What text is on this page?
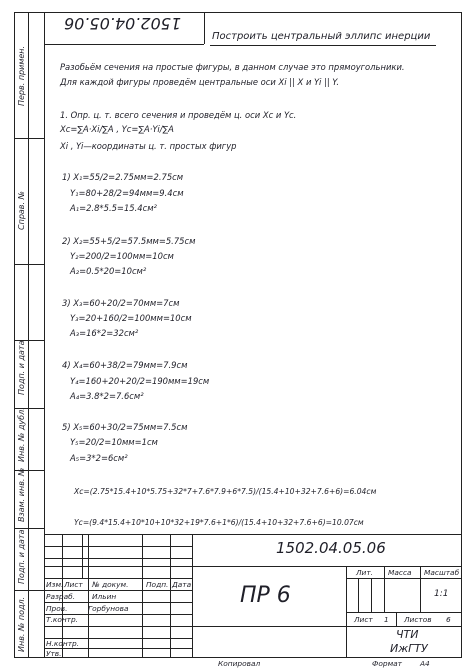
Перв. примен.
Справ. №
Подп. и дата
Инв. № дубл.
Взам. инв. №
Подп. и дата
Инв. № подл.
1502.04.05.06
Построить центральный эллипс инерции
Разобьём сечения на простые фигуры, в данном случае это прямоугольники.
Для каждой фигуры проведём центральные оси Xi || X и Yi || Y.
1. Опр. ц. т. всего сечения и проведём ц. оси Xс и Yс.
Xс=∑A·Xi/∑A , Yс=∑A·Yi/∑A
Xi , Yi—координаты ц. т. простых фигур
1) X₁=55/2=2.75мм=2.75см
Y₁=80+28/2=94мм=9.4см
A₁=2.8*5.5=15.4см²
2) X₂=55+5/2=57.5мм=5.75см
Y₂=200/2=100мм=10см
A₂=0.5*20=10см²
3) X₃=60+20/2=70мм=7см
Y₃=20+160/2=100мм=10см
A₃=16*2=32см²
4) X₄=60+38/2=79мм=7.9см
Y₄=160+20+20/2=190мм=19см
A₄=3.8*2=7.6см²
5) X₅=60+30/2=75мм=7.5см
Y₅=20/2=10мм=1см
A₅=3*2=6см²
Xс=(2.75*15.4+10*5.75+32*7+7.6*7.9+6*7.5)/(15.4+10+32+7.6+6)=6.04см
Yс=(9.4*15.4+10*10+10*32+19*7.6+1*6)/(15.4+10+32+7.6+6)=10.07см
1502.04.05.06
ПР 6
Изм. Лист № докум. Подп. Дата
Разраб. Ильин
Пров.	Горбунова
Т.контр.
Н.контр.
Утв.
Лит. Масса Масштаб
1:1
Лист 1 Листов 6
ЧТИ
ИжГТУ
Копировал	Формат А4
